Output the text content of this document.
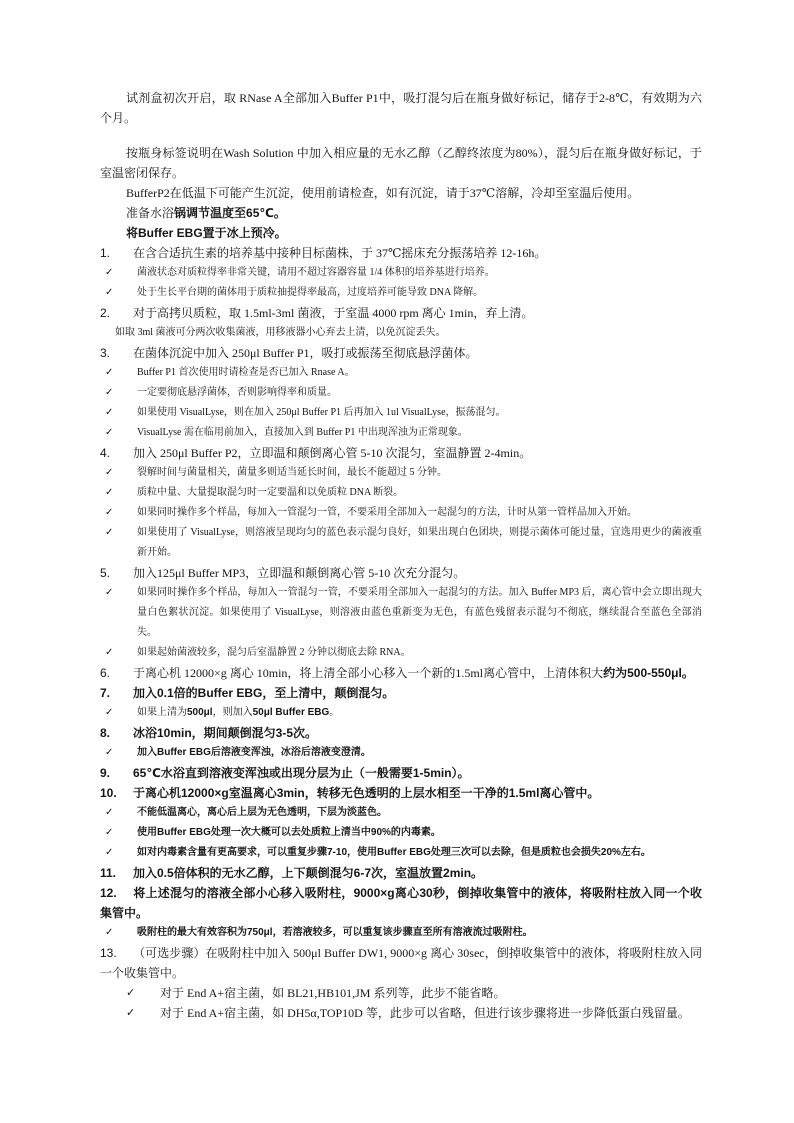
试剂盒初次开启，取 RNase A全部加入Buffer P1中，吸打混匀后在瓶身做好标记，储存于2-8℃，有效期为六个月。

按瓶身标签说明在Wash Solution 中加入相应量的无水乙醇（乙醇终浓度为80%），混匀后在瓶身做好标记，于室温密闭保存。

BufferP2在低温下可能产生沉淀，使用前请检查，如有沉淀，请于37℃溶解，冷却至室温后使用。

准备水浴锅调节温度至65℃。

将Buffer EBG置于冰上预冷。

1. 在含合适抗生素的培养基中接种目标菌株，于 37℃摇床充分振荡培养 12-16h。

✓	菌液状态对质粒得率非常关键，请用不超过容器容量 1/4 体积的培养基进行培养。
✓	处于生长平台期的菌体用于质粒抽提得率最高，过度培养可能导致 DNA 降解。

2. 对于高拷贝质粒，取 1.5ml-3ml 菌液，于室温 4000 rpm 离心 1min，弃上清。

如取 3ml 菌液可分两次收集菌液，用移液器小心弃去上清，以免沉淀丢失。

3. 在菌体沉淀中加入 250μl Buffer P1，吸打或振荡至彻底悬浮菌体。

✓	Buffer P1 首次使用时请检查是否已加入 Rnase A。
✓	一定要彻底悬浮菌体，否则影响得率和质量。
✓	如果使用 VisualLyse，则在加入 250μl Buffer P1 后再加入 1ul VisualLyse，振荡混匀。
✓	VisualLyse 需在临用前加入，直接加入到 Buffer P1 中出现浑浊为正常现象。

4. 加入 250μl Buffer P2，立即温和颠倒离心管 5-10 次混匀，室温静置 2-4min。

✓	裂解时间与菌量相关，菌量多则适当延长时间，最长不能超过 5 分钟。
✓	质粒中量、大量提取混匀时一定要温和以免质粒 DNA 断裂。
✓	如果同时操作多个样品，每加入一管混匀一管，不要采用全部加入一起混匀的方法，计时从第一管样品加入开始。
✓	如果使用了 VisualLyse，则溶液呈现均匀的蓝色表示混匀良好，如果出现白色团块，则提示菌体可能过量，宜选用更少的菌液重新开始。

5. 加入125μl Buffer MP3，立即温和颠倒离心管 5-10 次充分混匀。

✓	如果同时操作多个样品，每加入一管混匀一管，不要采用全部加入一起混匀的方法。加入 Buffer MP3 后，离心管中会立即出现大量白色絮状沉淀。如果使用了 VisualLyse，则溶液由蓝色重新变为无色，有蓝色残留表示混匀不彻底，继续混合至蓝色全部消失。
✓	如果起始菌液较多，混匀后室温静置 2 分钟以彻底去除 RNA。

6. 于离心机 12000×g 离心 10min，将上清全部小心移入一个新的1.5ml离心管中，上清体积大约为500-550μl。

7. 加入0.1倍的Buffer EBG，至上清中，颠倒混匀。

✓	如果上清为500μl，则加入50μl Buffer EBG。

8. 冰浴10min，期间颠倒混匀3-5次。

✓	加入Buffer EBG后溶液变浑浊，冰浴后溶液变澄清。

9. 65℃水浴直到溶液变浑浊或出现分层为止（一般需要1-5min）。

10. 于离心机12000×g室温离心3min，转移无色透明的上层水相至一干净的1.5ml离心管中。

✓	不能低温离心，离心后上层为无色透明，下层为淡蓝色。
✓	使用Buffer EBG处理一次大概可以去处质粒上清当中90%的内毒素。
✓	如对内毒素含量有更高要求，可以重复步骤7-10，使用Buffer EBG处理三次可以去除，但是质粒也会损失20%左右。

11. 加入0.5倍体积的无水乙醇，上下颠倒混匀6-7次，室温放置2min。

12. 将上述混匀的溶液全部小心移入吸附柱，9000×g离心30秒，倒掉收集管中的液体，将吸附柱放入同一个收集管中。

✓	吸附柱的最大有效容积为750μl，若溶液较多，可以重复该步骤直至所有溶液流过吸附柱。

13. （可选步骤）在吸附柱中加入 500μl Buffer DW1, 9000×g 离心 30sec，倒掉收集管中的液体，将吸附柱放入同一个收集管中。

✓	对于 End A+宿主菌，如 BL21,HB101,JM 系列等，此步不能省略。
✓	对于 End A+宿主菌，如 DH5α,TOP10D 等，此步可以省略，但进行该步骤将进一步降低蛋白残留量。
